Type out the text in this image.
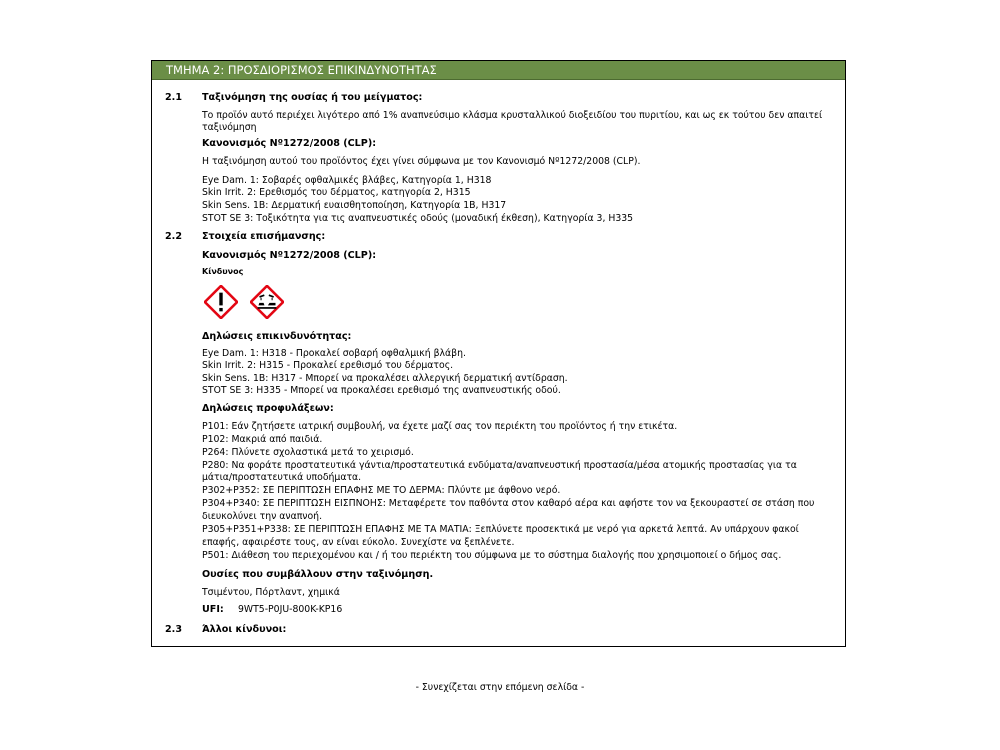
ΤΜΗΜΑ 2: ΠΡΟΣΔΙΟΡΙΣΜΟΣ ΕΠΙΚΙΝΔΥΝΟΤΗΤΑΣ
2.1 Ταξινόμηση της ουσίας ή του μείγματος:
Το προϊόν αυτό περιέχει λιγότερο από 1% αναπνεύσιμο κλάσμα κρυσταλλικού διοξειδίου του πυριτίου, και ως εκ τούτου δεν απαιτεί
ταξινόμηση
Κανονισμός Nº1272/2008 (CLP):
Η ταξινόμηση αυτού του προϊόντος έχει γίνει σύμφωνα με τον Κανονισμό Nº1272/2008 (CLP).
Eye Dam. 1: Σοβαρές οφθαλμικές βλάβες, Κατηγορία 1, H318
Skin Irrit. 2: Ερεθισμός του δέρματος, κατηγορία 2, H315
Skin Sens. 1B: Δερματική ευαισθητοποίηση, Κατηγορία 1B, H317
STOT SE 3: Τοξικότητα για τις αναπνευστικές οδούς (μοναδική έκθεση), Κατηγορία 3, H335
2.2 Στοιχεία επισήμανσης:
Κανονισμός Nº1272/2008 (CLP):
Κίνδυνος
Δηλώσεις επικινδυνότητας:
Eye Dam. 1: H318 - Προκαλεί σοβαρή οφθαλμική βλάβη.
Skin Irrit. 2: H315 - Προκαλεί ερεθισμό του δέρματος.
Skin Sens. 1B: H317 - Μπορεί να προκαλέσει αλλεργική δερματική αντίδραση.
STOT SE 3: H335 - Μπορεί να προκαλέσει ερεθισμό της αναπνευστικής οδού.
Δηλώσεις προφυλάξεων:
P101: Εάν ζητήσετε ιατρική συμβουλή, να έχετε μαζί σας τον περιέκτη του προϊόντος ή την ετικέτα.
P102: Μακριά από παιδιά.
P264: Πλύνετε σχολαστικά μετά το χειρισμό.
P280: Να φοράτε προστατευτικά γάντια/προστατευτικά ενδύματα/αναπνευστική προστασία/μέσα ατομικής προστασίας για τα
μάτια/προστατευτικά υποδήματα.
P302+P352: ΣΕ ΠΕΡΙΠΤΩΣΗ ΕΠΑΦΗΣ ΜΕ ΤΟ ΔΕΡΜΑ: Πλύντε με άφθονο νερό.
P304+P340: ΣΕ ΠΕΡΙΠΤΩΣΗ ΕΙΣΠΝΟΗΣ: Μεταφέρετε τον παθόντα στον καθαρό αέρα και αφήστε τον να ξεκουραστεί σε στάση που
διευκολύνει την αναπνοή.
P305+P351+P338: ΣΕ ΠΕΡΙΠΤΩΣΗ ΕΠΑΦΗΣ ΜΕ ΤΑ ΜΑΤΙΑ: Ξεπλύνετε προσεκτικά με νερό για αρκετά λεπτά. Αν υπάρχουν φακοί
επαφής, αφαιρέστε τους, αν είναι εύκολο. Συνεχίστε να ξεπλένετε.
P501: Διάθεση του περιεχομένου και / ή του περιέκτη του σύμφωνα με το σύστημα διαλογής που χρησιμοποιεί ο δήμος σας.
Ουσίες που συμβάλλουν στην ταξινόμηση.
Τσιμέντου, Πόρτλαντ, χημικά
UFI: 9WT5-P0JU-800K-KP16
2.3 Άλλοι κίνδυνοι:
- Συνεχίζεται στην επόμενη σελίδα -
